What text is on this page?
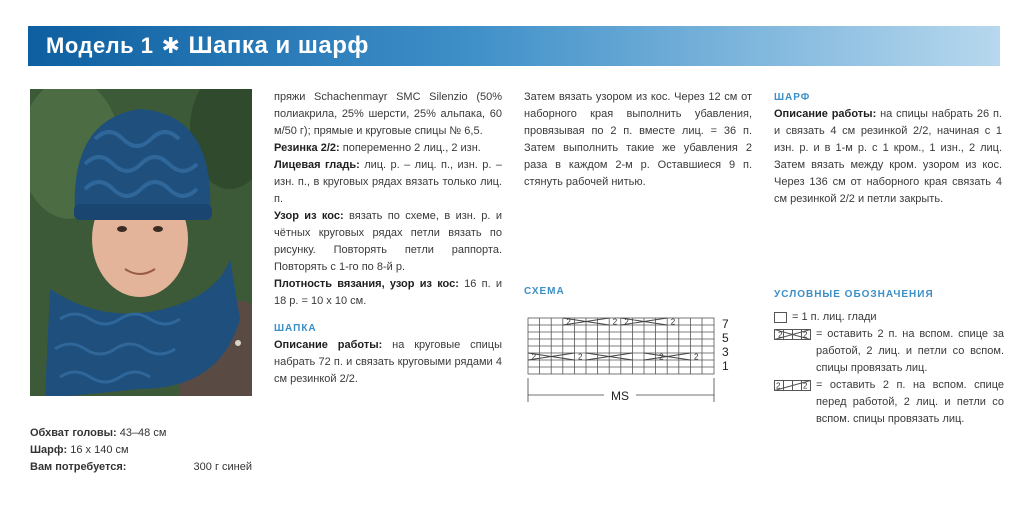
Модель 1 ✱ Шапка и шарф

Обхват головы: 43–48 см

Шарф: 16 х 140 см

Вам потребуется:	300 г синей

пряжи Schachenmayr SMC Silenzio (50% полиакрила, 25% шерсти, 25% альпака, 60 м/50 г); прямые и круговые спицы № 6,5.

Резинка 2/2: попеременно 2 лиц., 2 изн.

Лицевая гладь: лиц. р. – лиц. п., изн. р. – изн. п., в круговых рядах вязать только лиц. п.

Узор из кос: вязать по схеме, в изн. р. и чётных круговых рядах петли вязать по рисунку. Повторять петли раппорта. Повторять с 1-го по 8-й р.

Плотность вязания, узор из кос: 16 п. и 18 р. = 10 х 10 см.

ШАПКА

Описание работы: на круговые спицы набрать 72 п. и связать круговыми рядами 4 см резинкой 2/2.

Затем вязать узором из кос. Через 12 см от наборного края выполнить убавления, провязывая по 2 п. вместе лиц. = 36 п. Затем выполнить такие же убавления 2 раза в каждом 2-м р. Оставшиеся 9 п. стянуть рабочей нитью.

СХЕМА
2	2 2	2
2	2	2	2
7
5
3
1
MS

ШАРФ

Описание работы: на спицы набрать 26 п. и связать 4 см резинкой 2/2, начиная с 1 изн. р. и в 1-м р. с 1 кром., 1 изн., 2 лиц. Затем вязать между кром. узором из кос. Через 136 см от наборного края связать 4 см резинкой 2/2 и петли закрыть.

УСЛОВНЫЕ ОБОЗНАЧЕНИЯ

= 1 п. лиц. глади
2	2 = оставить 2 п. на вспом. спице за работой, 2 лиц. и петли со вспом. спицы провязать лиц.
2	2 = оставить 2 п. на вспом. спице перед работой, 2 лиц. и петли со вспом. спицы провязать лиц.
